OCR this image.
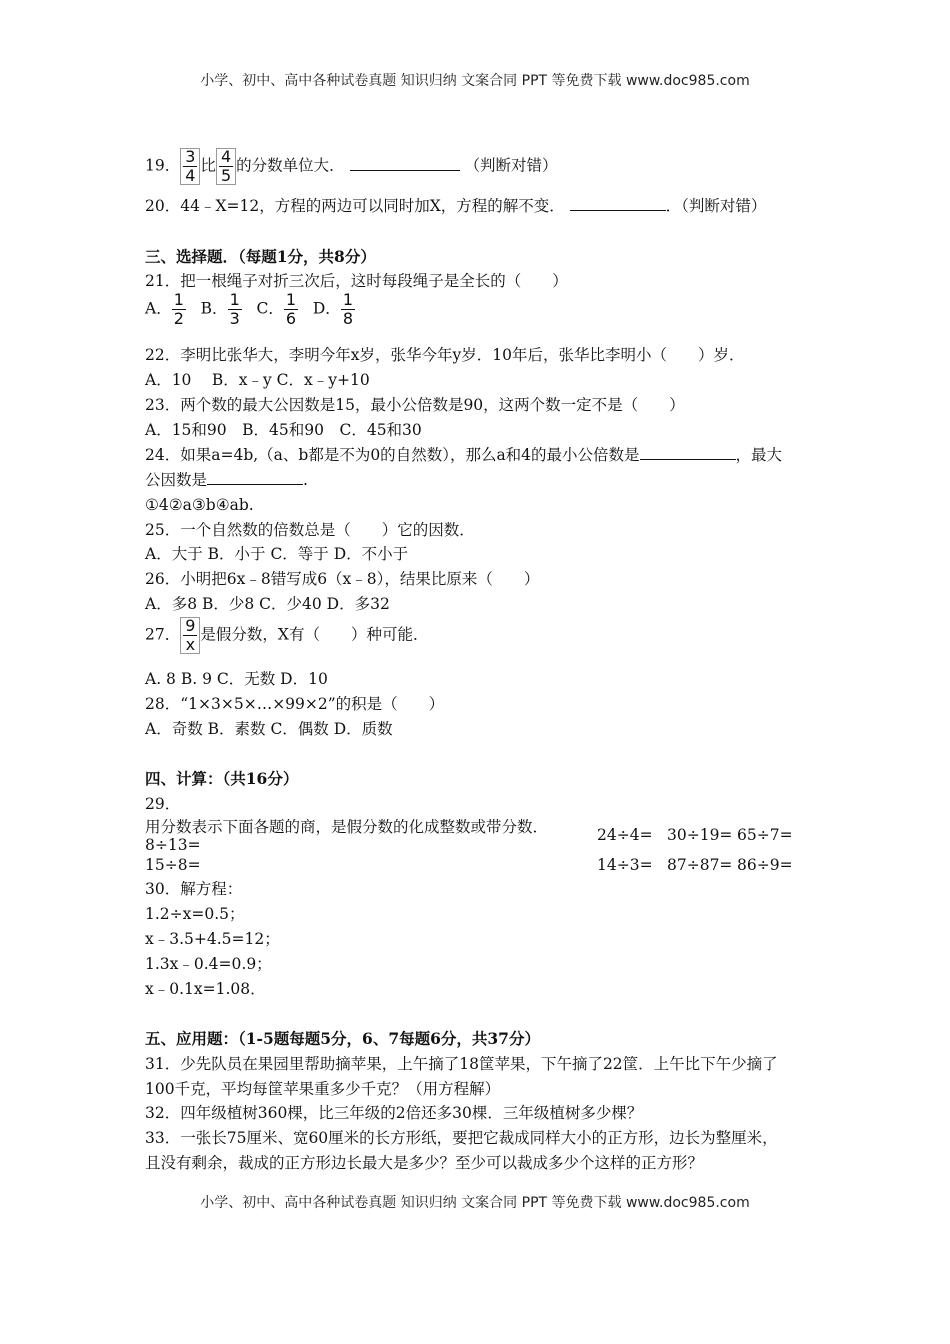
小学、初中、高中各种试卷真题 知识归纳 文案合同 PPT 等免费下载 www.doc985.com
19． $\frac{3}{4}$ 比 $\frac{4}{5}$ 的分数单位大．	（判断对错）
20．44﹣X=12，方程的两边可以同时加X，方程的解不变．	．（判断对错）
三、选择题．（每题1分，共8分）
21．把一根绳子对折三次后，这时每段绳子是全长的（　　）
A． $\frac{1}{2}$ B． $\frac{1}{3}$ C． $\frac{1}{6}$ D． $\frac{1}{8}$
22．李明比张华大，李明今年x岁，张华今年y岁．10年后，张华比李明小（　　）岁．
A．10　 B．x﹣y C．x﹣y+10
23．两个数的最大公因数是15，最小公倍数是90，这两个数一定不是（　　）
A．15和90　B．45和90　C．45和30
24．如果a=4b,（a、b都是不为0的自然数），那么a和4的最小公倍数是	，最大
公因数是	.
①4②a③b④ab.
25．一个自然数的倍数总是（　　）它的因数．
A．大于 B．小于 C．等于 D．不小于
26．小明把6x﹣8错写成6（x﹣8），结果比原来（　　）
A．多8 B．少8 C．少40 D．多32
27． $\frac{9}{x}$ 是假分数，X有（　　）种可能．
A. 8 B. 9 C．无数 D．10
28．“1×3×5×…×99×2”的积是（　　）
A．奇数 B．素数 C．偶数 D．质数
四、计算：（共16分）
29．
用分数表示下面各题的商，是假分数的化成整数或带分数．
8÷13=
15÷8=
24÷4= 30÷19= 65÷7=
14÷3= 87÷87= 86÷9=
30．解方程：
1.2÷x=0.5；
x﹣3.5+4.5=12；
1.3x﹣0.4=0.9；
x﹣0.1x=1.08．
五、应用题：（1-5题每题5分，6、7每题6分，共37分）
31．少先队员在果园里帮助摘苹果，上午摘了18筐苹果，下午摘了22筐．上午比下午少摘了
100千克，平均每筐苹果重多少千克？（用方程解）
32．四年级植树360棵，比三年级的2倍还多30棵．三年级植树多少棵？
33．一张长75厘米、宽60厘米的长方形纸，要把它裁成同样大小的正方形，边长为整厘米，
且没有剩余，裁成的正方形边长最大是多少？至少可以裁成多少个这样的正方形？
小学、初中、高中各种试卷真题 知识归纳 文案合同 PPT 等免费下载 www.doc985.com
